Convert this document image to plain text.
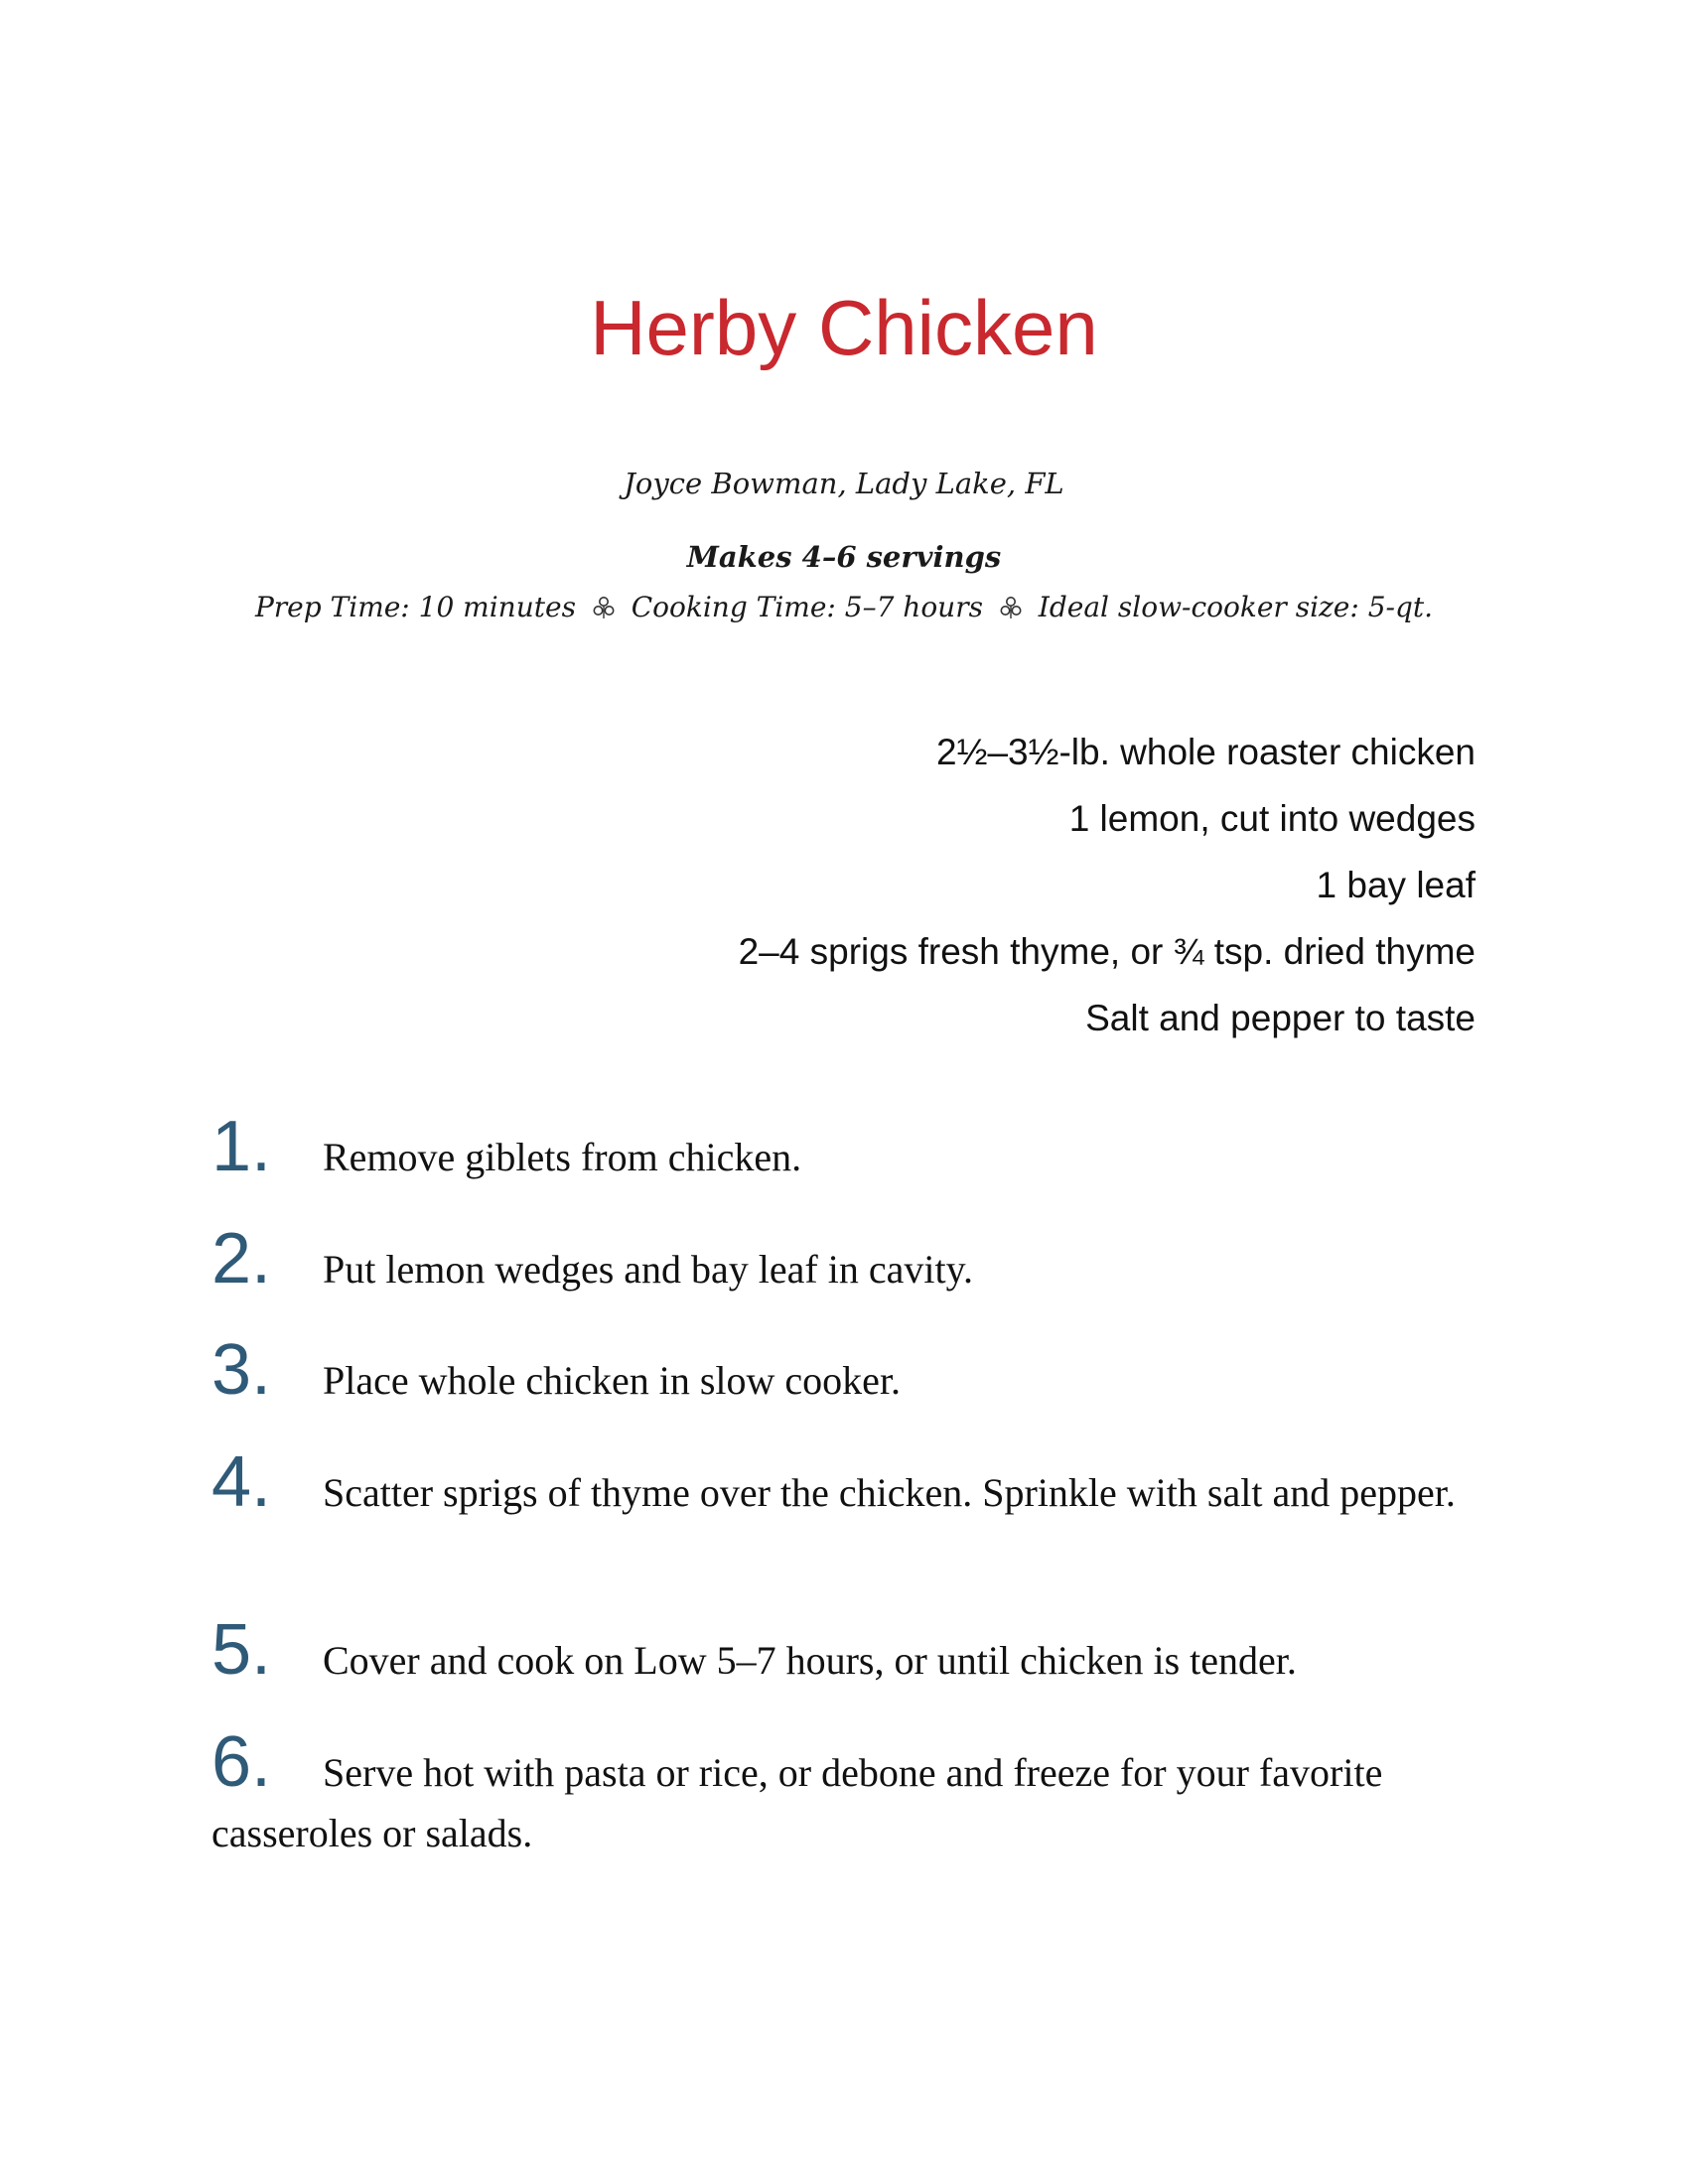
Herby Chicken
Joyce Bowman, Lady Lake, FL
Makes 4–6 servings
Prep Time: 10 minutes Cooking Time: 5–7 hours Ideal slow-cooker size: 5-qt.
2½–3½-lb. whole roaster chicken
1 lemon, cut into wedges
1 bay leaf
2–4 sprigs fresh thyme, or ¾ tsp. dried thyme
Salt and pepper to taste
1. Remove giblets from chicken.
2. Put lemon wedges and bay leaf in cavity.
3. Place whole chicken in slow cooker.
4. Scatter sprigs of thyme over the chicken. Sprinkle with salt and pepper.
5. Cover and cook on Low 5–7 hours, or until chicken is tender.
6. Serve hot with pasta or rice, or debone and freeze for your favorite casseroles or salads.
